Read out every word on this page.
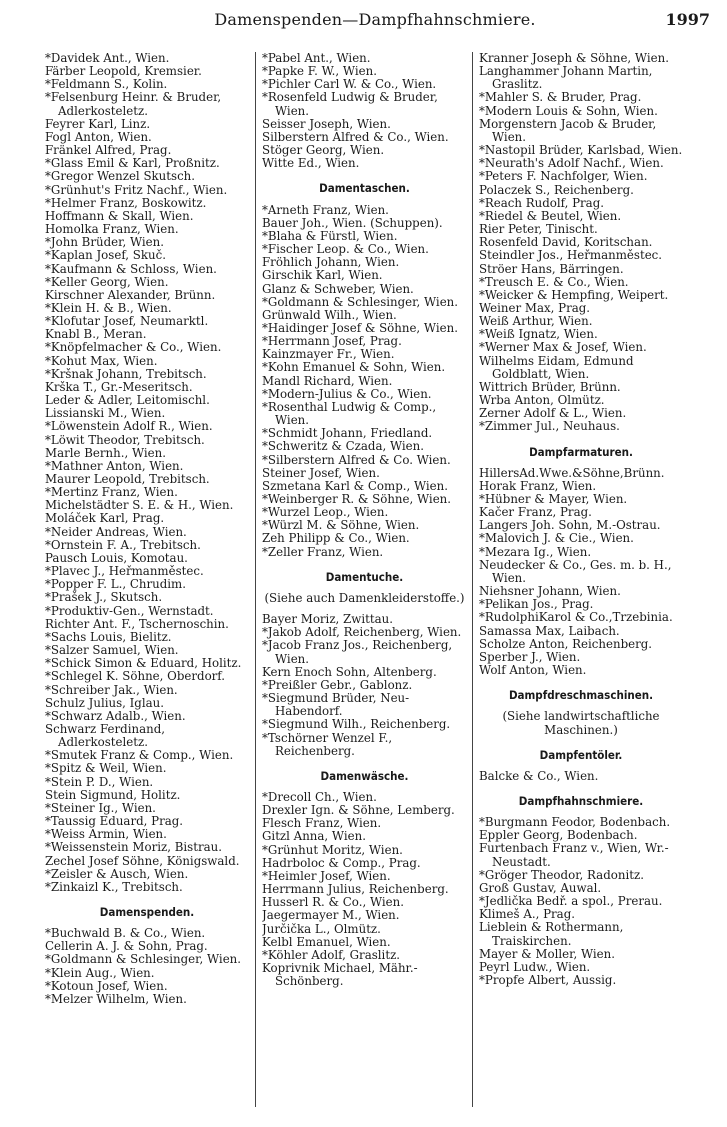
Damenspenden—Dampfhahnschmiere.	1997
*Davidek Ant., Wien.
Färber Leopold, Kremsier.
*Feldmann S., Kolin.
*Felsenburg Heinr. & Bruder, Adlerkosteletz.
Feyrer Karl, Linz.
Fogl Anton, Wien.
Fränkel Alfred, Prag.
*Glass Emil & Karl, Proßnitz.
*Gregor Wenzel Skutsch.
*Grünhut's Fritz Nachf., Wien.
*Helmer Franz, Boskowitz.
Hoffmann & Skall, Wien.
Homolka Franz, Wien.
*John Brüder, Wien.
*Kaplan Josef, Skuč.
*Kaufmann & Schloss, Wien.
*Keller Georg, Wien.
Kirschner Alexander, Brünn.
*Klein H. & B., Wien.
*Klofutar Josef, Neumarktl.
Knabl B., Meran.
*Knöpfelmacher & Co., Wien.
*Kohut Max, Wien.
*Kršnak Johann, Trebitsch.
Krška T., Gr.-Meseritsch.
Leder & Adler, Leitomischl.
Lissianski M., Wien.
*Löwenstein Adolf R., Wien.
*Löwit Theodor, Trebitsch.
Marle Bernh., Wien.
*Mathner Anton, Wien.
Maurer Leopold, Trebitsch.
*Mertinz Franz, Wien.
Michelstädter S. E. & H., Wien.
Moláček Karl, Prag.
*Neider Andreas, Wien.
*Ornstein F. A., Trebitsch.
Pausch Louis, Komotau.
*Plavec J., Heřmanměstec.
*Popper F. L., Chrudim.
*Prašek J., Skutsch.
*Produktiv-Gen., Wernstadt.
Richter Ant. F., Tschernoschin.
*Sachs Louis, Bielitz.
*Salzer Samuel, Wien.
*Schick Simon & Eduard, Holitz.
*Schlegel K. Söhne, Oberdorf.
*Schreiber Jak., Wien.
Schulz Julius, Iglau.
*Schwarz Adalb., Wien.
Schwarz Ferdinand, Adlerkosteletz.
*Smutek Franz & Comp., Wien.
*Spitz & Weil, Wien.
*Stein P. D., Wien.
Stein Sigmund, Holitz.
*Steiner Ig., Wien.
*Taussig Eduard, Prag.
*Weiss Armin, Wien.
*Weissenstein Moriz, Bistrau.
Zechel Josef Söhne, Königswald.
*Zeisler & Ausch, Wien.
*Zinkaizl K., Trebitsch.
Damenspenden.
*Buchwald B. & Co., Wien.
Cellerin A. J. & Sohn, Prag.
*Goldmann & Schlesinger, Wien.
*Klein Aug., Wien.
*Kotoun Josef, Wien.
*Melzer Wilhelm, Wien.
*Pabel Ant., Wien.
*Papke F. W., Wien.
*Pichler Carl W. & Co., Wien.
*Rosenfeld Ludwig & Bruder, Wien.
Seisser Joseph, Wien.
Silberstern Alfred & Co., Wien.
Stöger Georg, Wien.
Witte Ed., Wien.
Damentaschen.
*Arneth Franz, Wien.
Bauer Joh., Wien. (Schuppen).
*Blaha & Fürstl, Wien.
*Fischer Leop. & Co., Wien.
Fröhlich Johann, Wien.
Girschik Karl, Wien.
Glanz & Schweber, Wien.
*Goldmann & Schlesinger, Wien.
Grünwald Wilh., Wien.
*Haidinger Josef & Söhne, Wien.
*Herrmann Josef, Prag.
Kainzmayer Fr., Wien.
*Kohn Emanuel & Sohn, Wien.
Mandl Richard, Wien.
*Modern-Julius & Co., Wien.
*Rosenthal Ludwig & Comp., Wien.
*Schmidt Johann, Friedland.
*Schweritz & Czada, Wien.
*Silberstern Alfred & Co. Wien.
Steiner Josef, Wien.
Szmetana Karl & Comp., Wien.
*Weinberger R. & Söhne, Wien.
*Wurzel Leop., Wien.
*Würzl M. & Söhne, Wien.
Zeh Philipp & Co., Wien.
*Zeller Franz, Wien.
Damentuche.
(Siehe auch Damenkleiderstoffe.)
Bayer Moriz, Zwittau.
*Jakob Adolf, Reichenberg, Wien.
*Jacob Franz Jos., Reichenberg, Wien.
Kern Enoch Sohn, Altenberg.
*Preißler Gebr., Gablonz.
*Siegmund Brüder, Neu-Habendorf.
*Siegmund Wilh., Reichenberg.
*Tschörner Wenzel F., Reichenberg.
Damenwäsche.
*Drecoll Ch., Wien.
Drexler Ign. & Söhne, Lemberg.
Flesch Franz, Wien.
Gitzl Anna, Wien.
*Grünhut Moritz, Wien.
Hadrboloc & Comp., Prag.
*Heimler Josef, Wien.
Herrmann Julius, Reichenberg.
Husserl R. & Co., Wien.
Jaegermayer M., Wien.
Jurčička L., Olmütz.
Kelbl Emanuel, Wien.
*Köhler Adolf, Graslitz.
Koprivnik Michael, Mähr.-Schönberg.
Kranner Joseph & Söhne, Wien.
Langhammer Johann Martin, Graslitz.
*Mahler S. & Bruder, Prag.
*Modern Louis & Sohn, Wien.
Morgenstern Jacob & Bruder, Wien.
*Nastopil Brüder, Karlsbad, Wien.
*Neurath's Adolf Nachf., Wien.
*Peters F. Nachfolger, Wien.
Polaczek S., Reichenberg.
*Reach Rudolf, Prag.
*Riedel & Beutel, Wien.
Rier Peter, Tinischt.
Rosenfeld David, Koritschan.
Steindler Jos., Heřmanměstec.
Ströer Hans, Bärringen.
*Treusch E. & Co., Wien.
*Weicker & Hempfing, Weipert.
Weiner Max, Prag.
Weiß Arthur, Wien.
*Weiß Ignatz, Wien.
*Werner Max & Josef, Wien.
Wilhelms Eidam, Edmund Goldblatt, Wien.
Wittrich Brüder, Brünn.
Wrba Anton, Olmütz.
Zerner Adolf & L., Wien.
*Zimmer Jul., Neuhaus.
Dampfarmaturen.
HillersAd.Wwe.&Söhne,Brünn.
Horak Franz, Wien.
*Hübner & Mayer, Wien.
Kačer Franz, Prag.
Langers Joh. Sohn, M.-Ostrau.
*Malovich J. & Cie., Wien.
*Mezara Ig., Wien.
Neudecker & Co., Ges. m. b. H., Wien.
Niehsner Johann, Wien.
*Pelikan Jos., Prag.
*RudolphiKarol & Co.,Trzebinia.
Samassa Max, Laibach.
Scholze Anton, Reichenberg.
Sperber J., Wien.
Wolf Anton, Wien.
Dampfdreschmaschinen.
(Siehe landwirtschaftliche Maschinen.)
Dampfentöler.
Balcke & Co., Wien.
Dampfhahnschmiere.
*Burgmann Feodor, Bodenbach.
Eppler Georg, Bodenbach.
Furtenbach Franz v., Wien, Wr.-Neustadt.
*Gröger Theodor, Radonitz.
Groß Gustav, Auwal.
*Jedlička Bedř. a spol., Prerau.
Klimeš A., Prag.
Lieblein & Rothermann, Traiskirchen.
Mayer & Moller, Wien.
Peyrl Ludw., Wien.
*Propfe Albert, Aussig.
